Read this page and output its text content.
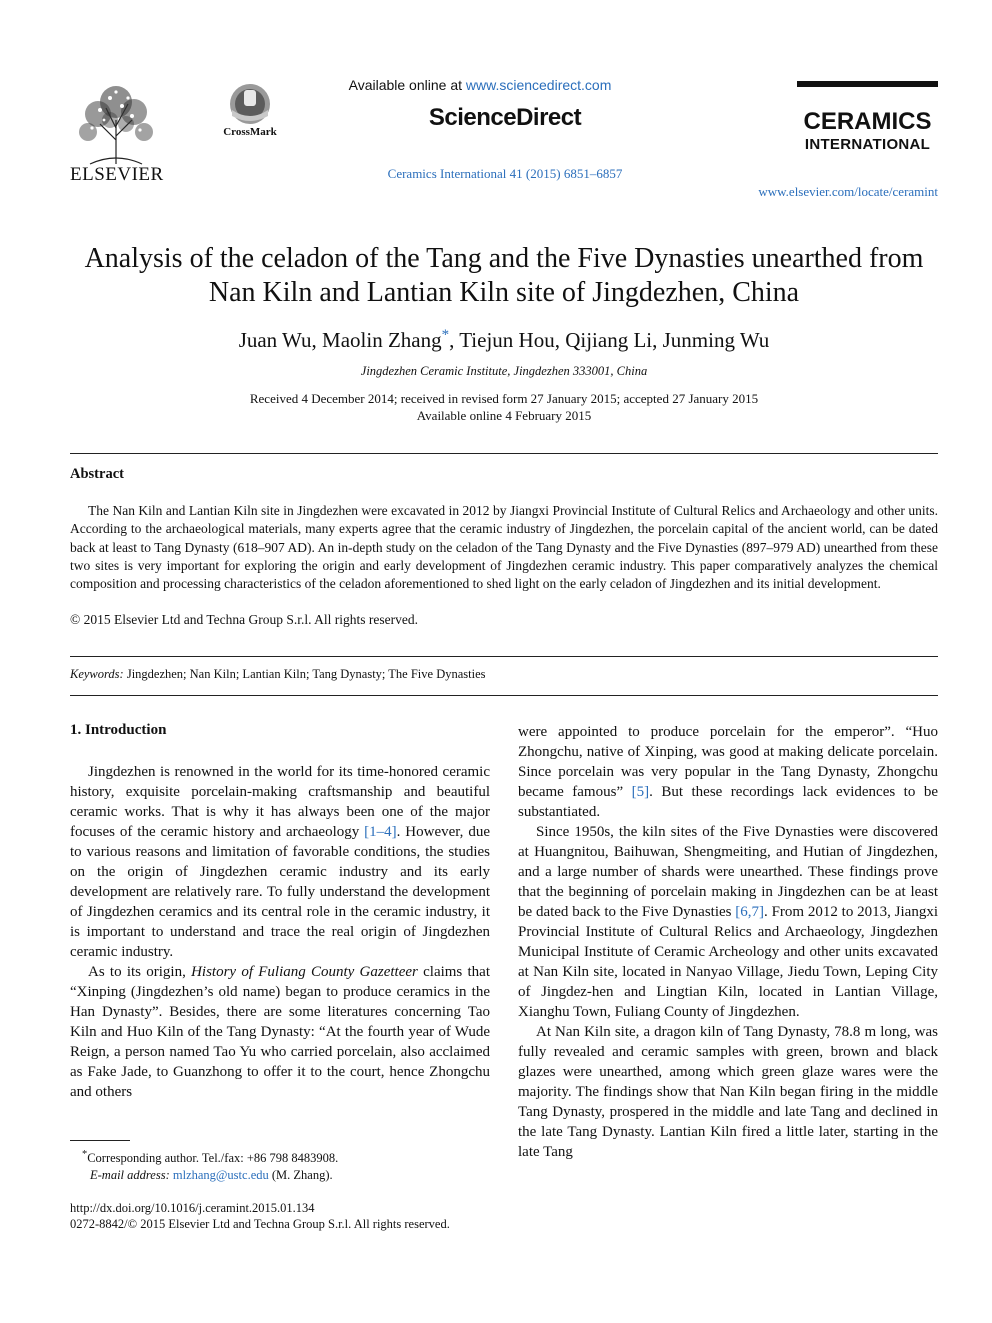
ELSEVIER
CrossMark
Available online at www.sciencedirect.com
ScienceDirect
Ceramics International 41 (2015) 6851–6857
CERAMICS
INTERNATIONAL
www.elsevier.com/locate/ceramint
Analysis of the celadon of the Tang and the Five Dynasties unearthed from Nan Kiln and Lantian Kiln site of Jingdezhen, China
Juan Wu, Maolin Zhang*, Tiejun Hou, Qijiang Li, Junming Wu
Jingdezhen Ceramic Institute, Jingdezhen 333001, China
Received 4 December 2014; received in revised form 27 January 2015; accepted 27 January 2015
Available online 4 February 2015
Abstract

The Nan Kiln and Lantian Kiln site in Jingdezhen were excavated in 2012 by Jiangxi Provincial Institute of Cultural Relics and Archaeology and other units. According to the archaeological materials, many experts agree that the ceramic industry of Jingdezhen, the porcelain capital of the ancient world, can be dated back at least to Tang Dynasty (618–907 AD). An in-depth study on the celadon of the Tang Dynasty and the Five Dynasties (897–979 AD) unearthed from these two sites is very important for exploring the origin and early development of Jingdezhen ceramic industry. This paper comparatively analyzes the chemical composition and processing characteristics of the celadon aforementioned to shed light on the early celadon of Jingdezhen and its initial development.

© 2015 Elsevier Ltd and Techna Group S.r.l. All rights reserved.
Keywords: Jingdezhen; Nan Kiln; Lantian Kiln; Tang Dynasty; The Five Dynasties
1. Introduction

Jingdezhen is renowned in the world for its time-honored ceramic history, exquisite porcelain-making craftsmanship and beautiful ceramic works. That is why it has always been one of the major focuses of the ceramic history and archaeology [1–4]. However, due to various reasons and limitation of favorable conditions, the studies on the origin of Jingdezhen ceramic industry and its early development are relatively rare. To fully understand the development of Jingdezhen ceramics and its central role in the ceramic industry, it is important to understand and trace the real origin of Jingdezhen ceramic industry.

As to its origin, History of Fuliang County Gazetteer claims that “Xinping (Jingdezhen’s old name) began to produce ceramics in the Han Dynasty”. Besides, there are some literatures concerning Tao Kiln and Huo Kiln of the Tang Dynasty: “At the fourth year of Wude Reign, a person named Tao Yu who carried porcelain, also acclaimed as Fake Jade, to Guanzhong to offer it to the court, hence Zhongchu and others

were appointed to produce porcelain for the emperor”. “Huo Zhongchu, native of Xinping, was good at making delicate porcelain. Since porcelain was very popular in the Tang Dynasty, Zhongchu became famous” [5]. But these recordings lack evidences to be substantiated.

Since 1950s, the kiln sites of the Five Dynasties were discovered at Huangnitou, Baihuwan, Shengmeiting, and Hutian of Jingdezhen, and a large number of shards were unearthed. These findings prove that the beginning of porcelain making in Jingdezhen can be at least be dated back to the Five Dynasties [6,7]. From 2012 to 2013, Jiangxi Provincial Institute of Cultural Relics and Archaeology, Jingdezhen Municipal Institute of Ceramic Archeology and other units excavated at Nan Kiln site, located in Nanyao Village, Jiedu Town, Leping City of Jingdez-hen and Lingtian Kiln, located in Lantian Village, Xianghu Town, Fuliang County of Jingdezhen.

At Nan Kiln site, a dragon kiln of Tang Dynasty, 78.8 m long, was fully revealed and ceramic samples with green, brown and black glazes were unearthed, among which green glaze wares were the majority. The findings show that Nan Kiln began firing in the middle Tang Dynasty, prospered in the middle and late Tang and declined in the late Tang Dynasty. Lantian Kiln fired a little later, starting in the late Tang

*Corresponding author. Tel./fax: +86 798 8483908.
E-mail address: mlzhang@ustc.edu (M. Zhang).
http://dx.doi.org/10.1016/j.ceramint.2015.01.134
0272-8842/© 2015 Elsevier Ltd and Techna Group S.r.l. All rights reserved.
